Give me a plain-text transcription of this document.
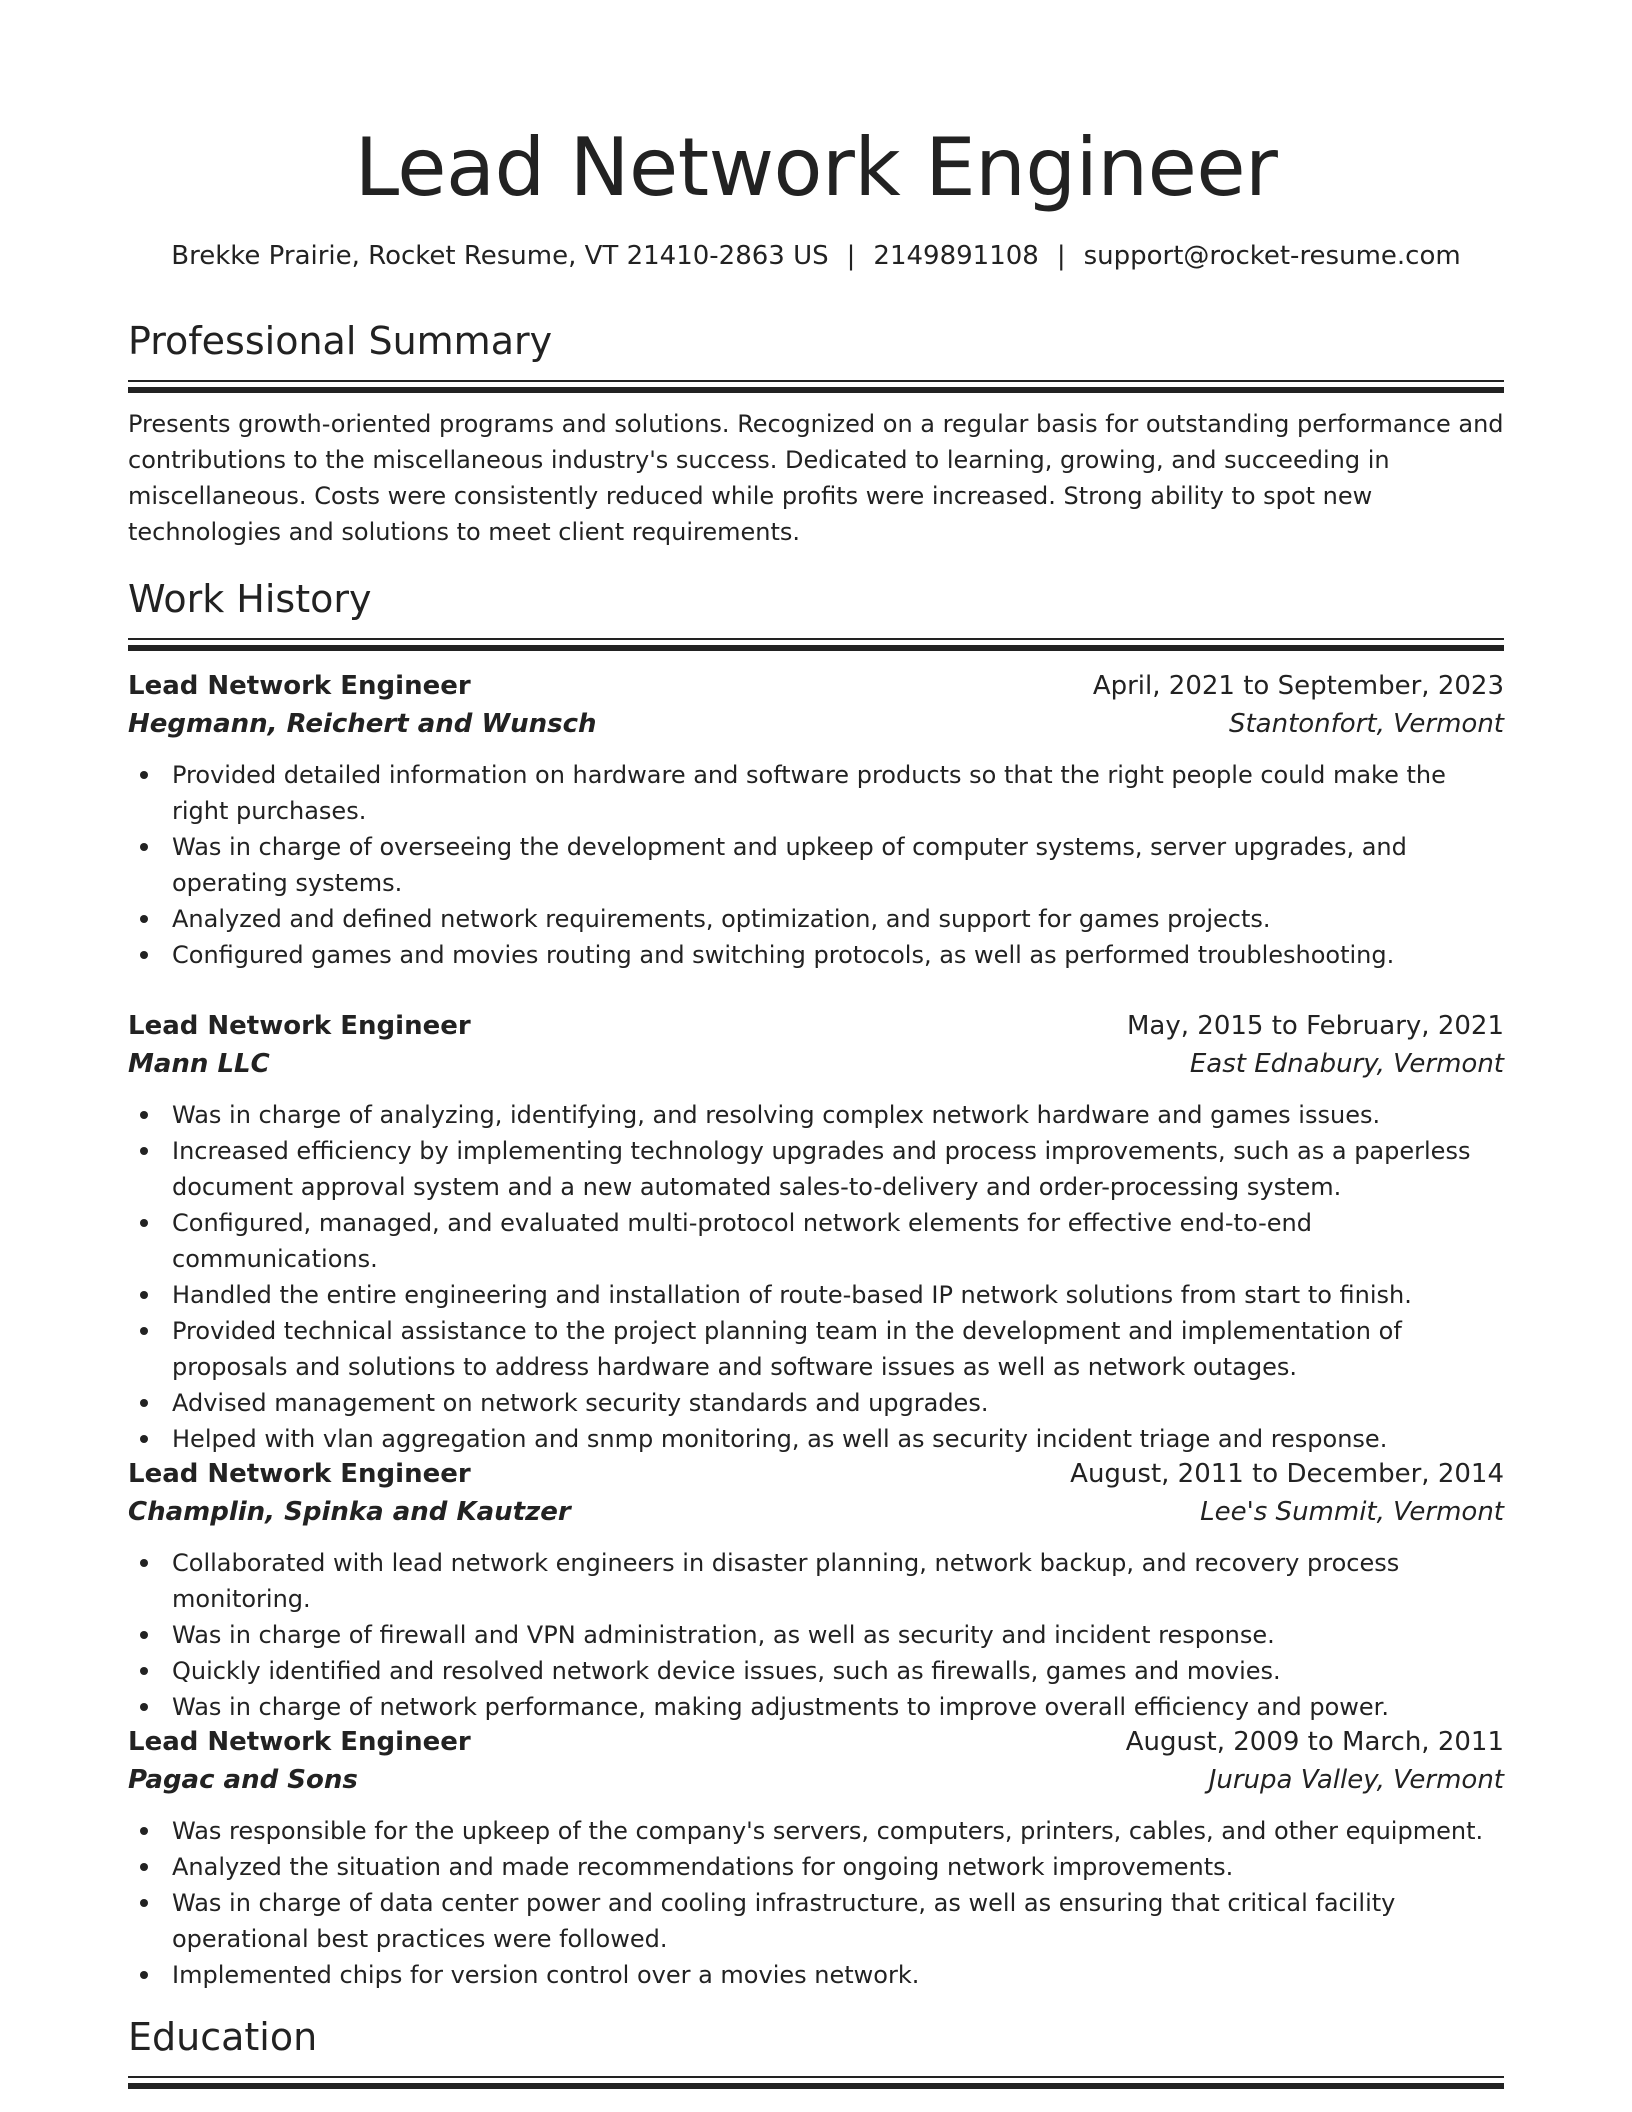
Lead Network Engineer
Brekke Prairie, Rocket Resume, VT 21410-2863 US | 2149891108 | support@rocket-resume.com
Professional Summary
Presents growth-oriented programs and solutions. Recognized on a regular basis for outstanding performance and contributions to the miscellaneous industry's success. Dedicated to learning, growing, and succeeding in miscellaneous. Costs were consistently reduced while profits were increased. Strong ability to spot new technologies and solutions to meet client requirements.
Work History
Lead Network Engineer	April, 2021 to September, 2023
Hegmann, Reichert and Wunsch	Stantonfort, Vermont
Provided detailed information on hardware and software products so that the right people could make the right purchases.
Was in charge of overseeing the development and upkeep of computer systems, server upgrades, and operating systems.
Analyzed and defined network requirements, optimization, and support for games projects.
Configured games and movies routing and switching protocols, as well as performed troubleshooting.
Lead Network Engineer	May, 2015 to February, 2021
Mann LLC	East Ednabury, Vermont
Was in charge of analyzing, identifying, and resolving complex network hardware and games issues.
Increased efficiency by implementing technology upgrades and process improvements, such as a paperless document approval system and a new automated sales-to-delivery and order-processing system.
Configured, managed, and evaluated multi-protocol network elements for effective end-to-end communications.
Handled the entire engineering and installation of route-based IP network solutions from start to finish.
Provided technical assistance to the project planning team in the development and implementation of proposals and solutions to address hardware and software issues as well as network outages.
Advised management on network security standards and upgrades.
Helped with vlan aggregation and snmp monitoring, as well as security incident triage and response.
Lead Network Engineer	August, 2011 to December, 2014
Champlin, Spinka and Kautzer	Lee's Summit, Vermont
Collaborated with lead network engineers in disaster planning, network backup, and recovery process monitoring.
Was in charge of firewall and VPN administration, as well as security and incident response.
Quickly identified and resolved network device issues, such as firewalls, games and movies.
Was in charge of network performance, making adjustments to improve overall efficiency and power.
Lead Network Engineer	August, 2009 to March, 2011
Pagac and Sons	Jurupa Valley, Vermont
Was responsible for the upkeep of the company's servers, computers, printers, cables, and other equipment.
Analyzed the situation and made recommendations for ongoing network improvements.
Was in charge of data center power and cooling infrastructure, as well as ensuring that critical facility operational best practices were followed.
Implemented chips for version control over a movies network.
Education
